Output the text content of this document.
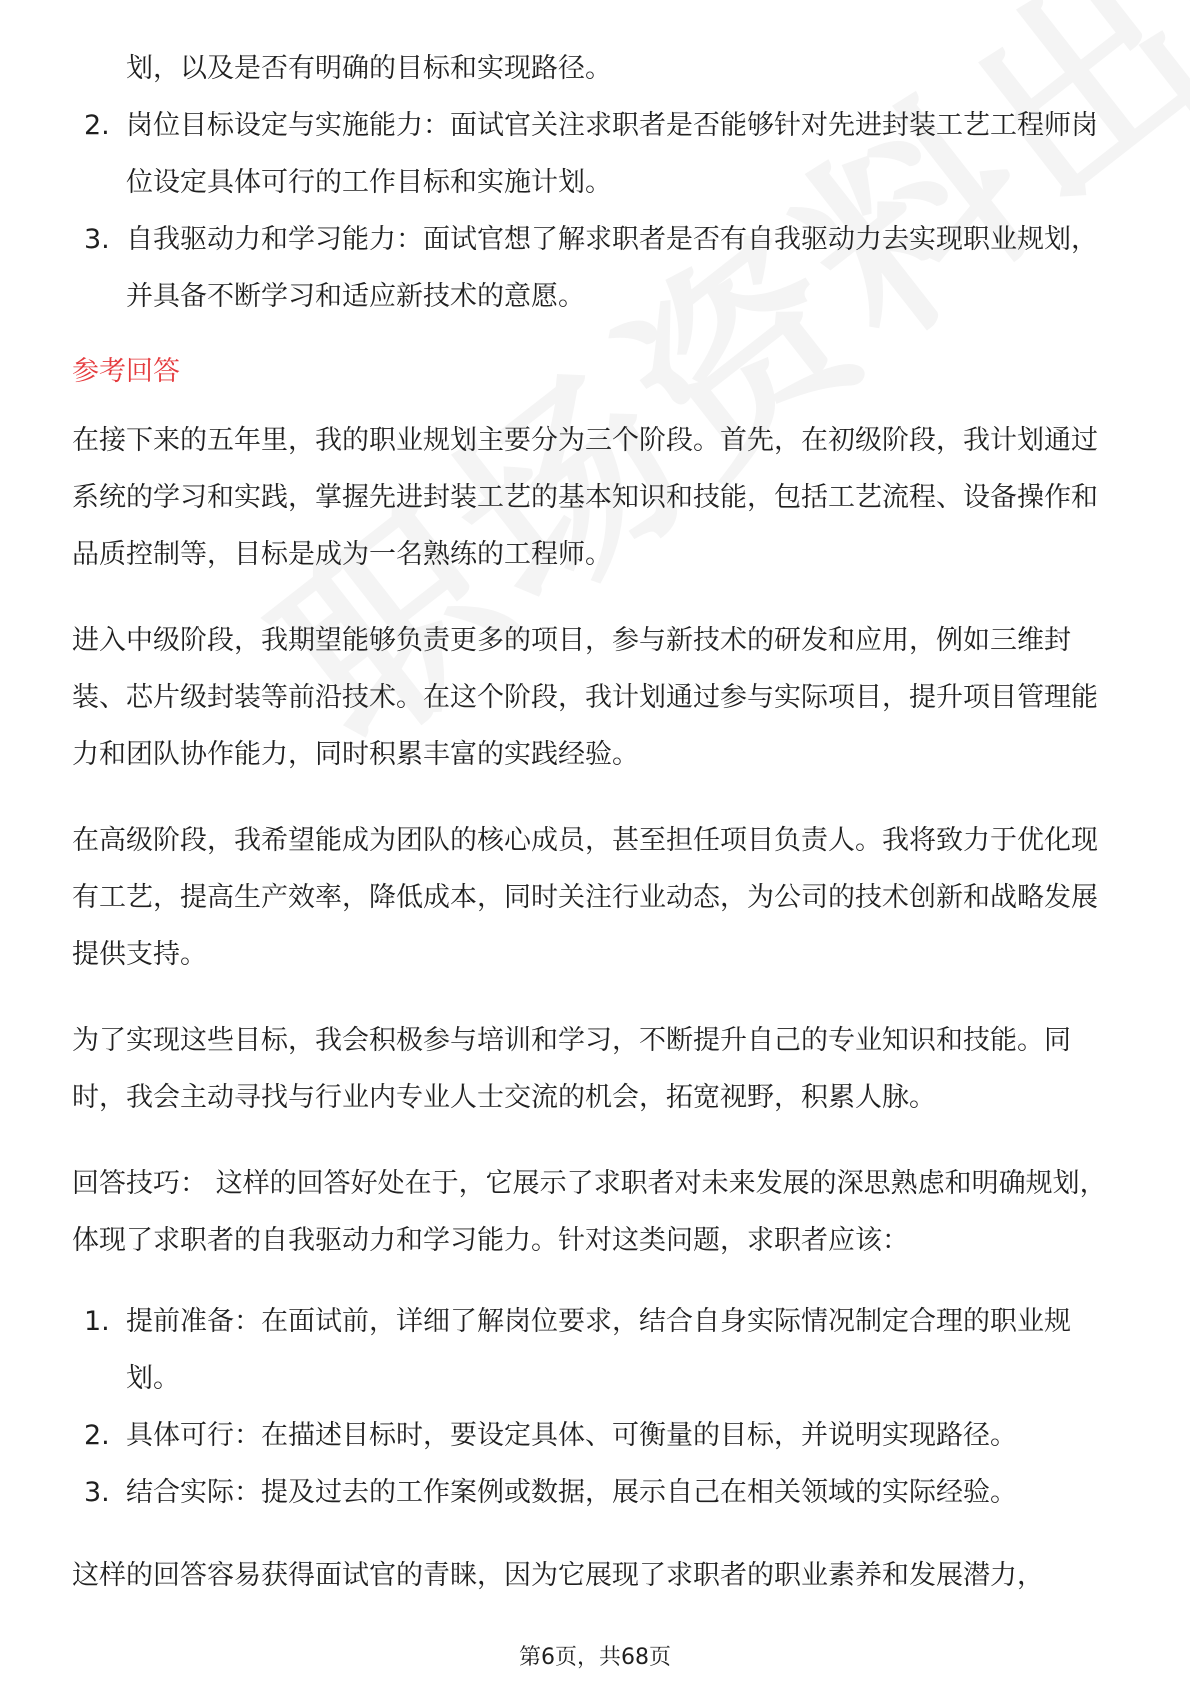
划，以及是否有明确的目标和实现路径。
2. 岗位目标设定与实施能力：面试官关注求职者是否能够针对先进封装工艺工程师岗位设定具体可行的工作目标和实施计划。
3. 自我驱动力和学习能力：面试官想了解求职者是否有自我驱动力去实现职业规划，并具备不断学习和适应新技术的意愿。
参考回答

在接下来的五年里，我的职业规划主要分为三个阶段。首先，在初级阶段，我计划通过系统的学习和实践，掌握先进封装工艺的基本知识和技能，包括工艺流程、设备操作和品质控制等，目标是成为一名熟练的工程师。

进入中级阶段，我期望能够负责更多的项目，参与新技术的研发和应用，例如三维封装、芯片级封装等前沿技术。在这个阶段，我计划通过参与实际项目，提升项目管理能力和团队协作能力，同时积累丰富的实践经验。

在高级阶段，我希望能成为团队的核心成员，甚至担任项目负责人。我将致力于优化现有工艺，提高生产效率，降低成本，同时关注行业动态，为公司的技术创新和战略发展提供支持。

为了实现这些目标，我会积极参与培训和学习，不断提升自己的专业知识和技能。同时，我会主动寻找与行业内专业人士交流的机会，拓宽视野，积累人脉。

回答技巧： 这样的回答好处在于，它展示了求职者对未来发展的深思熟虑和明确规划，体现了求职者的自我驱动力和学习能力。针对这类问题，求职者应该：

1. 提前准备：在面试前，详细了解岗位要求，结合自身实际情况制定合理的职业规划。
2. 具体可行：在描述目标时，要设定具体、可衡量的目标，并说明实现路径。
3. 结合实际：提及过去的工作案例或数据，展示自己在相关领域的实际经验。

这样的回答容易获得面试官的青睐，因为它展现了求职者的职业素养和发展潜力，

第6页，共68页
